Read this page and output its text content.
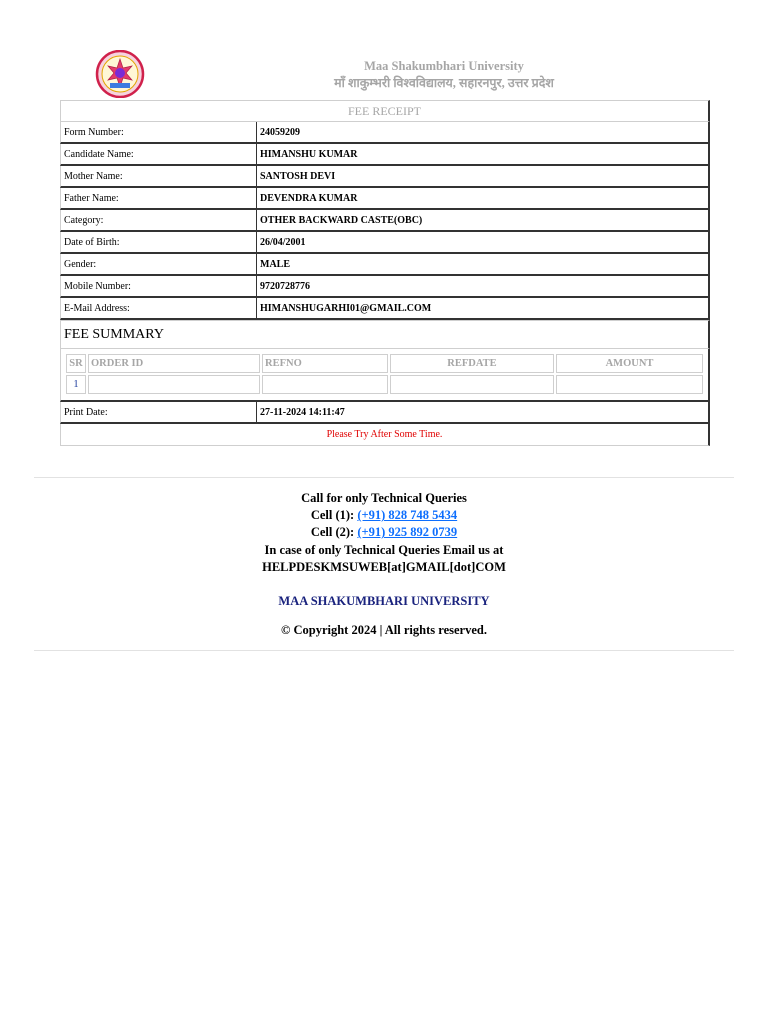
Maa Shakumbhari University
माँ शाकुम्भरी विश्वविद्यालय, सहारनपुर, उत्तर प्रदेश
FEE RECEIPT
Form Number:	24059209
Candidate Name:	HIMANSHU KUMAR
Mother Name:	SANTOSH DEVI
Father Name:	DEVENDRA KUMAR
Category:	OTHER BACKWARD CASTE(OBC)
Date of Birth:	26/04/2001
Gender:	MALE
Mobile Number:	9720728776
E-Mail Address:	HIMANSHUGARHI01@GMAIL.COM
FEE SUMMARY
SR	ORDER ID	REFNO	REFDATE	AMOUNT
1				
Print Date:	27-11-2024 14:11:47
Please Try After Some Time.
Call for only Technical Queries
Cell (1): (+91) 828 748 5434
Cell (2): (+91) 925 892 0739
In case of only Technical Queries Email us at
HELPDESKMSUWEB[at]GMAIL[dot]COM
MAA SHAKUMBHARI UNIVERSITY
© Copyright 2024 | All rights reserved.
